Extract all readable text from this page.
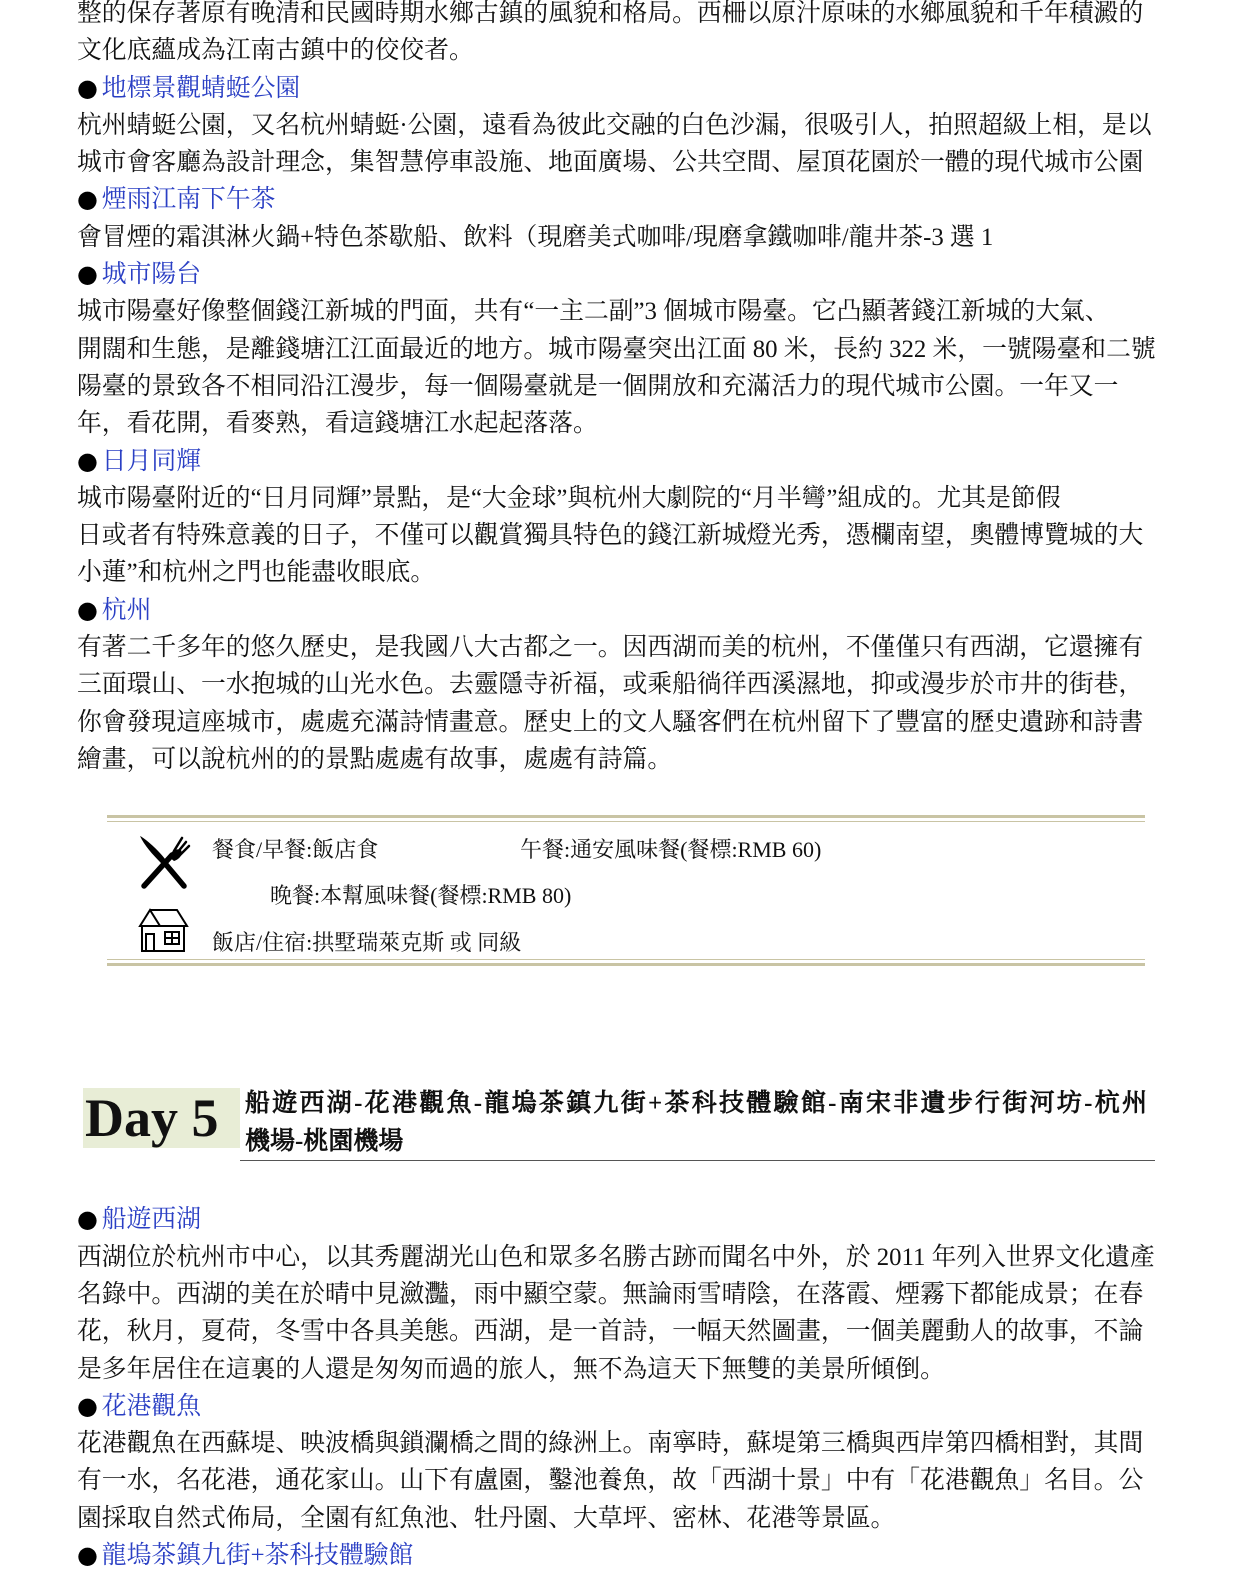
整的保存著原有晚清和民國時期水鄉古鎮的風貌和格局。西柵以原汁原味的水鄉風貌和千年積澱的
文化底蘊成為江南古鎮中的佼佼者。
● 地標景觀蜻蜓公園
杭州蜻蜓公園，又名杭州蜻蜓·公園，遠看為彼此交融的白色沙漏，很吸引人，拍照超級上相，是以
城市會客廳為設計理念，集智慧停車設施、地面廣場、公共空間、屋頂花園於一體的現代城市公園
● 煙雨江南下午茶
會冒煙的霜淇淋火鍋+特色茶歇船、飲料（現磨美式咖啡/現磨拿鐵咖啡/龍井茶-3 選 1
● 城市陽台
城市陽臺好像整個錢江新城的門面，共有“一主二副”3 個城市陽臺。它凸顯著錢江新城的大氣、
開闊和生態，是離錢塘江江面最近的地方。城市陽臺突出江面 80 米，長約 322 米，一號陽臺和二號
陽臺的景致各不相同沿江漫步，每一個陽臺就是一個開放和充滿活力的現代城市公園。一年又一
年，看花開，看麥熟，看這錢塘江水起起落落。
● 日月同輝
城市陽臺附近的“日月同輝”景點，是“大金球”與杭州大劇院的“月半彎”組成的。尤其是節假
日或者有特殊意義的日子，不僅可以觀賞獨具特色的錢江新城燈光秀，憑欄南望，奧體博覽城的大
小蓮”和杭州之門也能盡收眼底。
● 杭州
有著二千多年的悠久歷史，是我國八大古都之一。因西湖而美的杭州，不僅僅只有西湖，它還擁有
三面環山、一水抱城的山光水色。去靈隱寺祈福，或乘船徜徉西溪濕地，抑或漫步於市井的街巷，
你會發現這座城市，處處充滿詩情畫意。歷史上的文人騷客們在杭州留下了豐富的歷史遺跡和詩書
繪畫，可以說杭州的的景點處處有故事，處處有詩篇。
餐食/早餐:飯店食	午餐:通安風味餐(餐標:RMB 60)
晚餐:本幫風味餐(餐標:RMB 80)
飯店/住宿:拱墅瑞萊克斯 或 同級
Day 5	船遊西湖-花港觀魚-龍塢茶鎮九街+茶科技體驗館-南宋非遺步行街河坊-杭州
機場-桃園機場
● 船遊西湖
西湖位於杭州市中心，以其秀麗湖光山色和眾多名勝古跡而聞名中外，於 2011 年列入世界文化遺產
名錄中。西湖的美在於晴中見瀲灩，雨中顯空蒙。無論雨雪晴陰，在落霞、煙霧下都能成景；在春
花，秋月，夏荷，冬雪中各具美態。西湖，是一首詩，一幅天然圖畫，一個美麗動人的故事，不論
是多年居住在這裏的人還是匆匆而過的旅人，無不為這天下無雙的美景所傾倒。
● 花港觀魚
花港觀魚在西蘇堤、映波橋與鎖瀾橋之間的綠洲上。南寧時，蘇堤第三橋與西岸第四橋相對，其間
有一水，名花港，通花家山。山下有盧園，鑿池養魚，故「西湖十景」中有「花港觀魚」名目。公
園採取自然式佈局，全園有紅魚池、牡丹園、大草坪、密林、花港等景區。
● 龍塢茶鎮九街+茶科技體驗館
